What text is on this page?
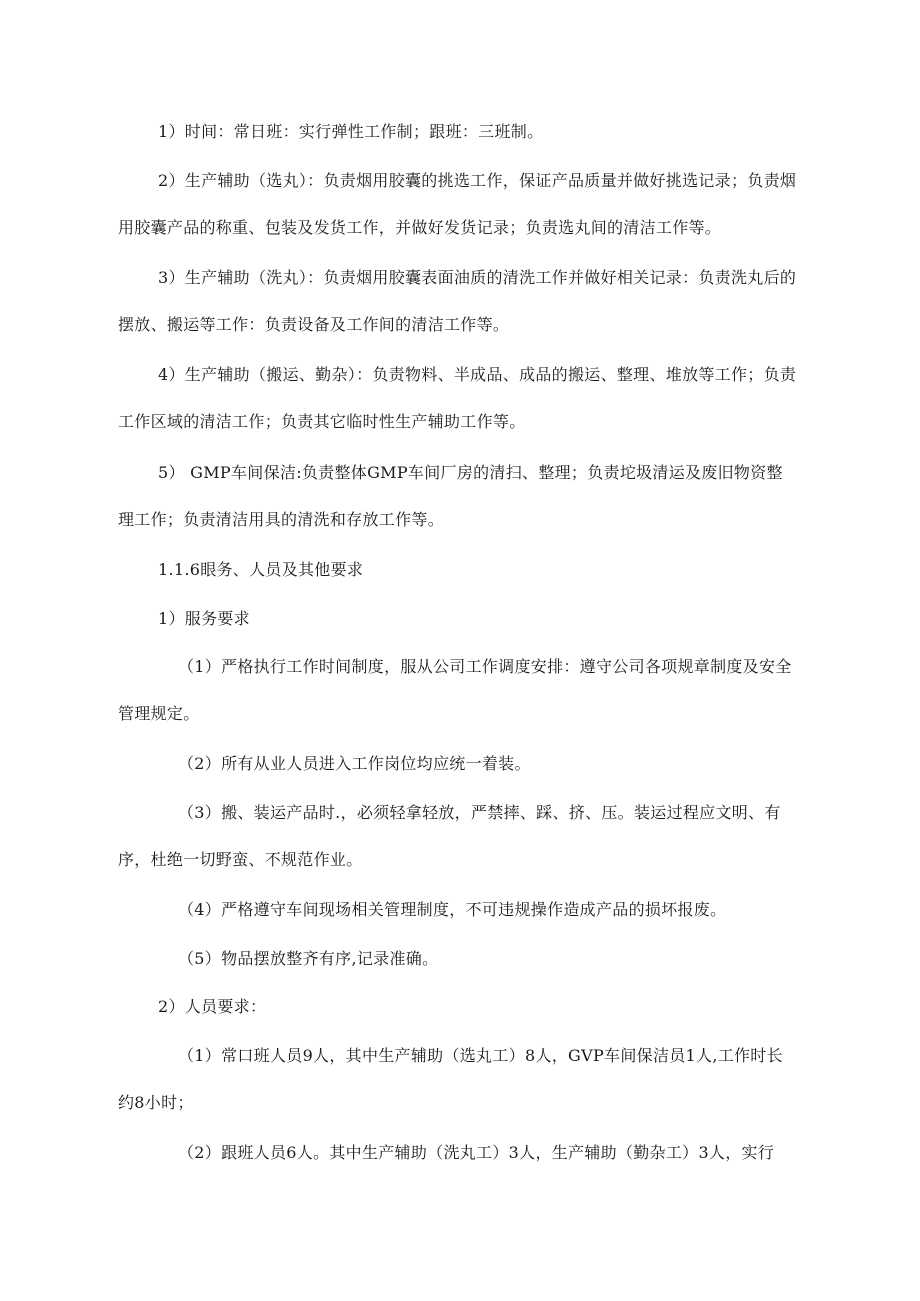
1）时间：常日班：实行弹性工作制；跟班：三班制。

2）生产辅助（选丸）：负责烟用胶囊的挑选工作，保证产品质量并做好挑选记录；负责烟用胶囊产品的称重、包装及发货工作，并做好发货记录；负责选丸间的清洁工作等。

3）生产辅助（洗丸）：负责烟用胶囊表面油质的清洗工作并做好相关记录：负责洗丸后的摆放、搬运等工作：负责设备及工作间的清洁工作等。

4）生产辅助（搬运、勤杂）：负责物料、半成品、成品的搬运、整理、堆放等工作；负责工作区域的清洁工作；负责其它临时性生产辅助工作等。

5） GMP车间保洁:负责整体GMP车间厂房的清扫、整理；负责坨圾清运及废旧物资整理工作；负责清洁用具的清洗和存放工作等。

1.1.6眼务、人员及其他要求

1）服务要求

（1）严格执行工作时间制度，服从公司工作调度安排：遵守公司各项规章制度及安全管理规定。

（2）所有从业人员进入工作岗位均应统一着装。

（3）搬、装运产品时.，必须轻拿轻放，严禁摔、踩、挤、压。装运过程应文明、有序，杜绝一切野蛮、不规范作业。

（4）严格遵守车间现场相关管理制度，不可违规操作造成产品的损坏报废。

（5）物品摆放整齐有序,记录准确。

2）人员要求：

（1）常口班人员9人，其中生产辅助（选丸工）8人，GVP车间保洁员1⼈,工作时长约8小时；

（2）跟班人员6人。其中生产辅助（洗丸工）3人，生产辅助（勤杂工）3人，实行
